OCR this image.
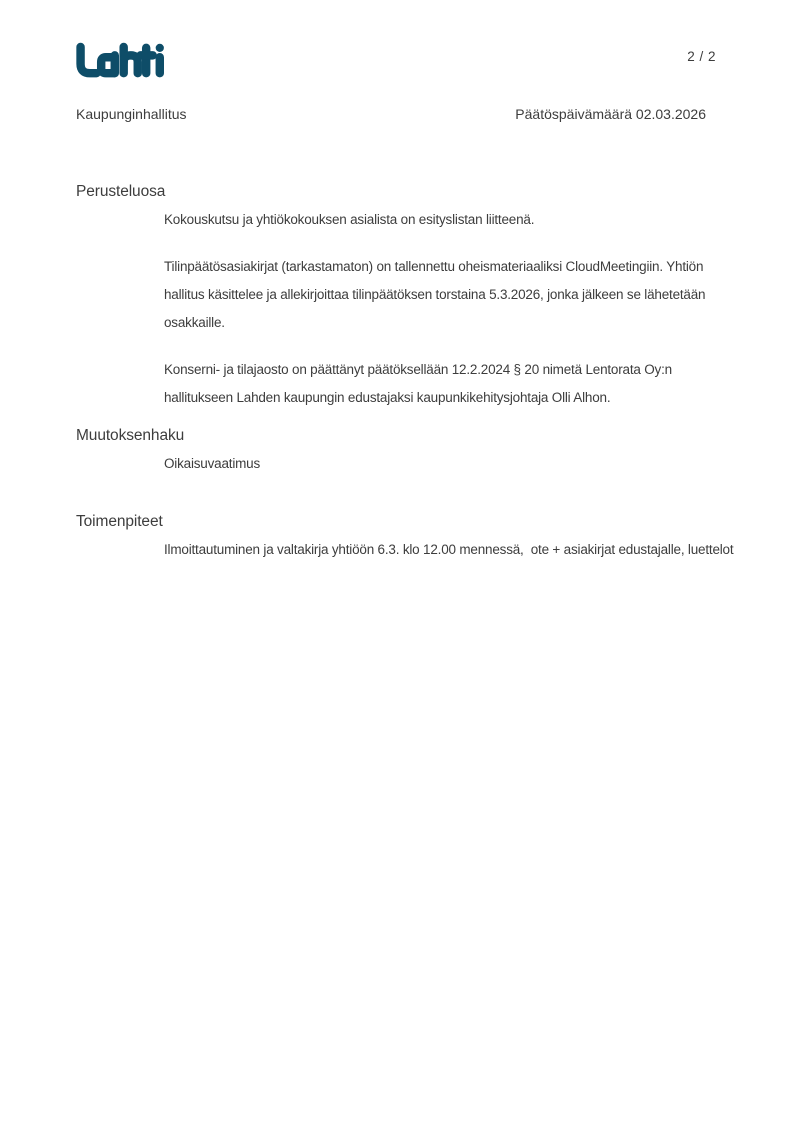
2 / 2
Kaupunginhallitus	Päätöspäivämäärä 02.03.2026
Perusteluosa

Kokouskutsu ja yhtiökokouksen asialista on esityslistan liitteenä.

Tilinpäätösasiakirjat (tarkastamaton) on tallennettu oheismateriaaliksi CloudMeetingiin. Yhtiön hallitus käsittelee ja allekirjoittaa tilinpäätöksen torstaina 5.3.2026, jonka jälkeen se lähetetään osakkaille.

Konserni- ja tilajaosto on päättänyt päätöksellään 12.2.2024 § 20 nimetä Lentorata Oy:n hallitukseen Lahden kaupungin edustajaksi kaupunkikehitysjohtaja Olli Alhon.

Muutoksenhaku

Oikaisuvaatimus

Toimenpiteet

Ilmoittautuminen ja valtakirja yhtiöön 6.3. klo 12.00 mennessä,  ote + asiakirjat edustajalle, luettelot
